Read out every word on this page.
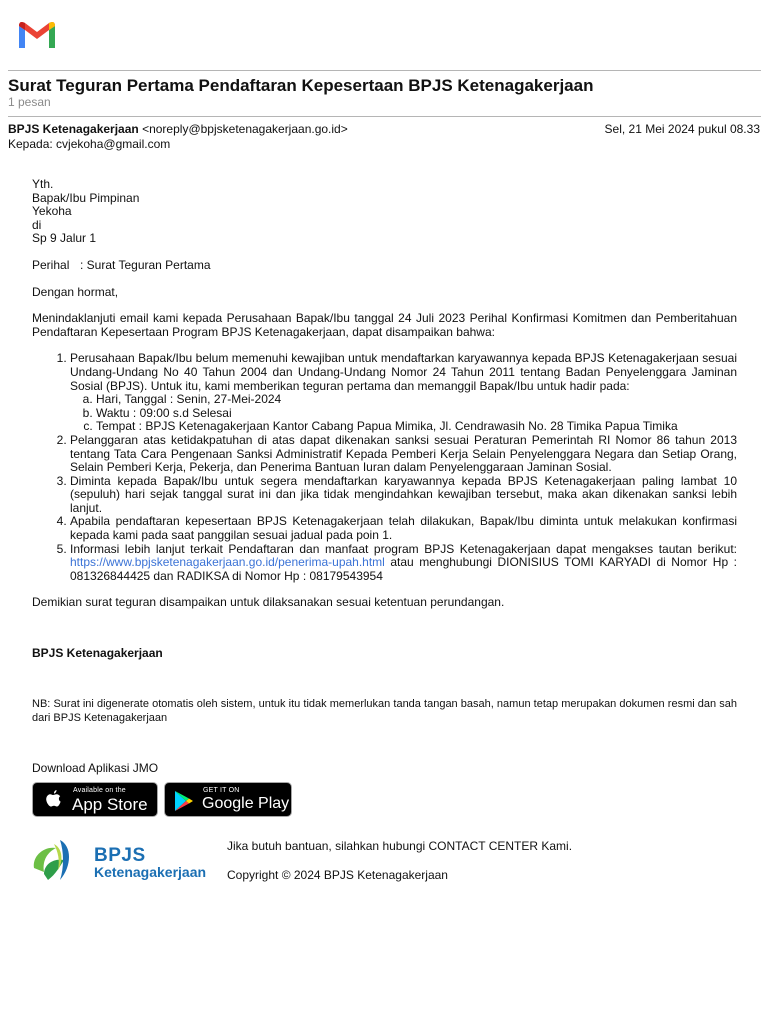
Surat Teguran Pertama Pendaftaran Kepesertaan BPJS Ketenagakerjaan
1 pesan
BPJS Ketenagakerjaan <noreply@bpjsketenagakerjaan.go.id>	Sel, 21 Mei 2024 pukul 08.33
Kepada: cvjekoha@gmail.com
Yth.
Bapak/Ibu Pimpinan
Yekoha
di
Sp 9 Jalur 1

Perihal : Surat Teguran Pertama

Dengan hormat,

Menindaklanjuti email kami kepada Perusahaan Bapak/Ibu tanggal 24 Juli 2023 Perihal Konfirmasi Komitmen dan Pemberitahuan Pendaftaran Kepesertaan Program BPJS Ketenagakerjaan, dapat disampaikan bahwa:

1. Perusahaan Bapak/Ibu belum memenuhi kewajiban untuk mendaftarkan karyawannya kepada BPJS Ketenagakerjaan sesuai Undang-Undang No 40 Tahun 2004 dan Undang-Undang Nomor 24 Tahun 2011 tentang Badan Penyelenggara Jaminan Sosial (BPJS). Untuk itu, kami memberikan teguran pertama dan memanggil Bapak/Ibu untuk hadir pada:
a. Hari, Tanggal : Senin, 27-Mei-2024
b. Waktu : 09:00 s.d Selesai
c. Tempat : BPJS Ketenagakerjaan Kantor Cabang Papua Mimika, Jl. Cendrawasih No. 28 Timika Papua Timika
2. Pelanggaran atas ketidakpatuhan di atas dapat dikenakan sanksi sesuai Peraturan Pemerintah RI Nomor 86 tahun 2013 tentang Tata Cara Pengenaan Sanksi Administratif Kepada Pemberi Kerja Selain Penyelenggara Negara dan Setiap Orang, Selain Pemberi Kerja, Pekerja, dan Penerima Bantuan Iuran dalam Penyelenggaraan Jaminan Sosial.
3. Diminta kepada Bapak/Ibu untuk segera mendaftarkan karyawannya kepada BPJS Ketenagakerjaan paling lambat 10 (sepuluh) hari sejak tanggal surat ini dan jika tidak mengindahkan kewajiban tersebut, maka akan dikenakan sanksi lebih lanjut.
4. Apabila pendaftaran kepesertaan BPJS Ketenagakerjaan telah dilakukan, Bapak/Ibu diminta untuk melakukan konfirmasi kepada kami pada saat panggilan sesuai jadual pada poin 1.
5. Informasi lebih lanjut terkait Pendaftaran dan manfaat program BPJS Ketenagakerjaan dapat mengakses tautan berikut: https://www.bpjsketenagakerjaan.go.id/penerima-upah.html atau menghubungi DIONISIUS TOMI KARYADI di Nomor Hp : 081326844425 dan RADIKSA di Nomor Hp : 08179543954

Demikian surat teguran disampaikan untuk dilaksanakan sesuai ketentuan perundangan.

BPJS Ketenagakerjaan
NB: Surat ini digenerate otomatis oleh sistem, untuk itu tidak memerlukan tanda tangan basah, namun tetap merupakan dokumen resmi dan sah dari BPJS Ketenagakerjaan
Download Aplikasi JMO
Available on the
App Store
GET IT ON
Google Play
BPJS
Ketenagakerjaan
Jika butuh bantuan, silahkan hubungi CONTACT CENTER Kami.
Copyright © 2024 BPJS Ketenagakerjaan
